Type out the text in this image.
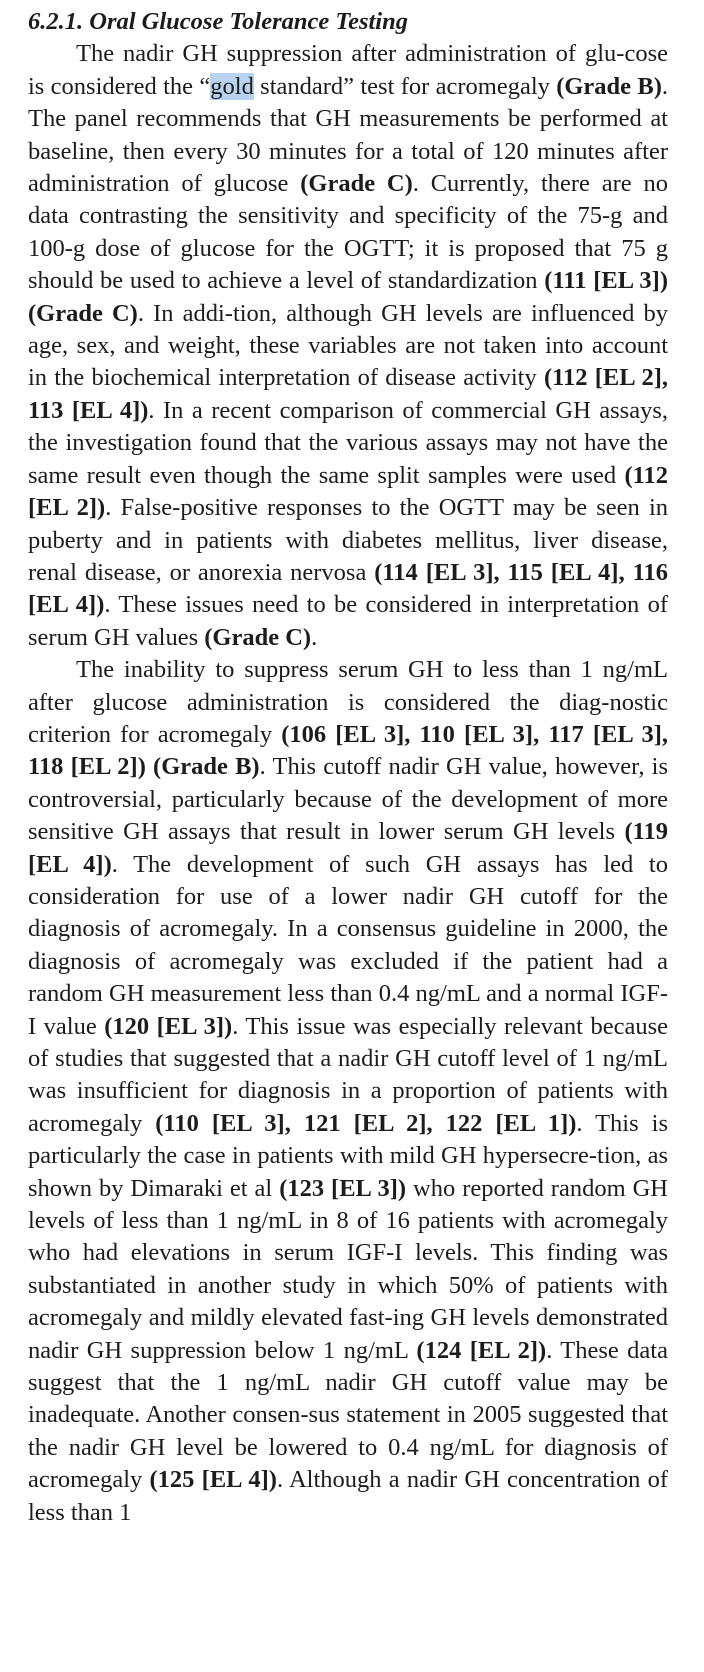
6.2.1. Oral Glucose Tolerance Testing

The nadir GH suppression after administration of glu-cose is considered the “gold standard” test for acromegaly (Grade B). The panel recommends that GH measurements be performed at baseline, then every 30 minutes for a total of 120 minutes after administration of glucose (Grade C). Currently, there are no data contrasting the sensitivity and specificity of the 75-g and 100-g dose of glucose for the OGTT; it is proposed that 75 g should be used to achieve a level of standardization (111 [EL 3]) (Grade C). In addi-tion, although GH levels are influenced by age, sex, and weight, these variables are not taken into account in the biochemical interpretation of disease activity (112 [EL 2], 113 [EL 4]). In a recent comparison of commercial GH assays, the investigation found that the various assays may not have the same result even though the same split samples were used (112 [EL 2]). False-positive responses to the OGTT may be seen in puberty and in patients with diabetes mellitus, liver disease, renal disease, or anorexia nervosa (114 [EL 3], 115 [EL 4], 116 [EL 4]). These issues need to be considered in interpretation of serum GH values (Grade C).

The inability to suppress serum GH to less than 1 ng/mL after glucose administration is considered the diag-nostic criterion for acromegaly (106 [EL 3], 110 [EL 3], 117 [EL 3], 118 [EL 2]) (Grade B). This cutoff nadir GH value, however, is controversial, particularly because of the development of more sensitive GH assays that result in lower serum GH levels (119 [EL 4]). The development of such GH assays has led to consideration for use of a lower nadir GH cutoff for the diagnosis of acromegaly. In a consensus guideline in 2000, the diagnosis of acromegaly was excluded if the patient had a random GH measurement less than 0.4 ng/mL and a normal IGF-I value (120 [EL 3]). This issue was especially relevant because of studies that suggested that a nadir GH cutoff level of 1 ng/mL was insufficient for diagnosis in a proportion of patients with acromegaly (110 [EL 3], 121 [EL 2], 122 [EL 1]). This is particularly the case in patients with mild GH hypersecre-tion, as shown by Dimaraki et al (123 [EL 3]) who reported random GH levels of less than 1 ng/mL in 8 of 16 patients with acromegaly who had elevations in serum IGF-I levels. This finding was substantiated in another study in which 50% of patients with acromegaly and mildly elevated fast-ing GH levels demonstrated nadir GH suppression below 1 ng/mL (124 [EL 2]). These data suggest that the 1 ng/mL nadir GH cutoff value may be inadequate. Another consen-sus statement in 2005 suggested that the nadir GH level be lowered to 0.4 ng/mL for diagnosis of acromegaly (125 [EL 4]). Although a nadir GH concentration of less than 1
